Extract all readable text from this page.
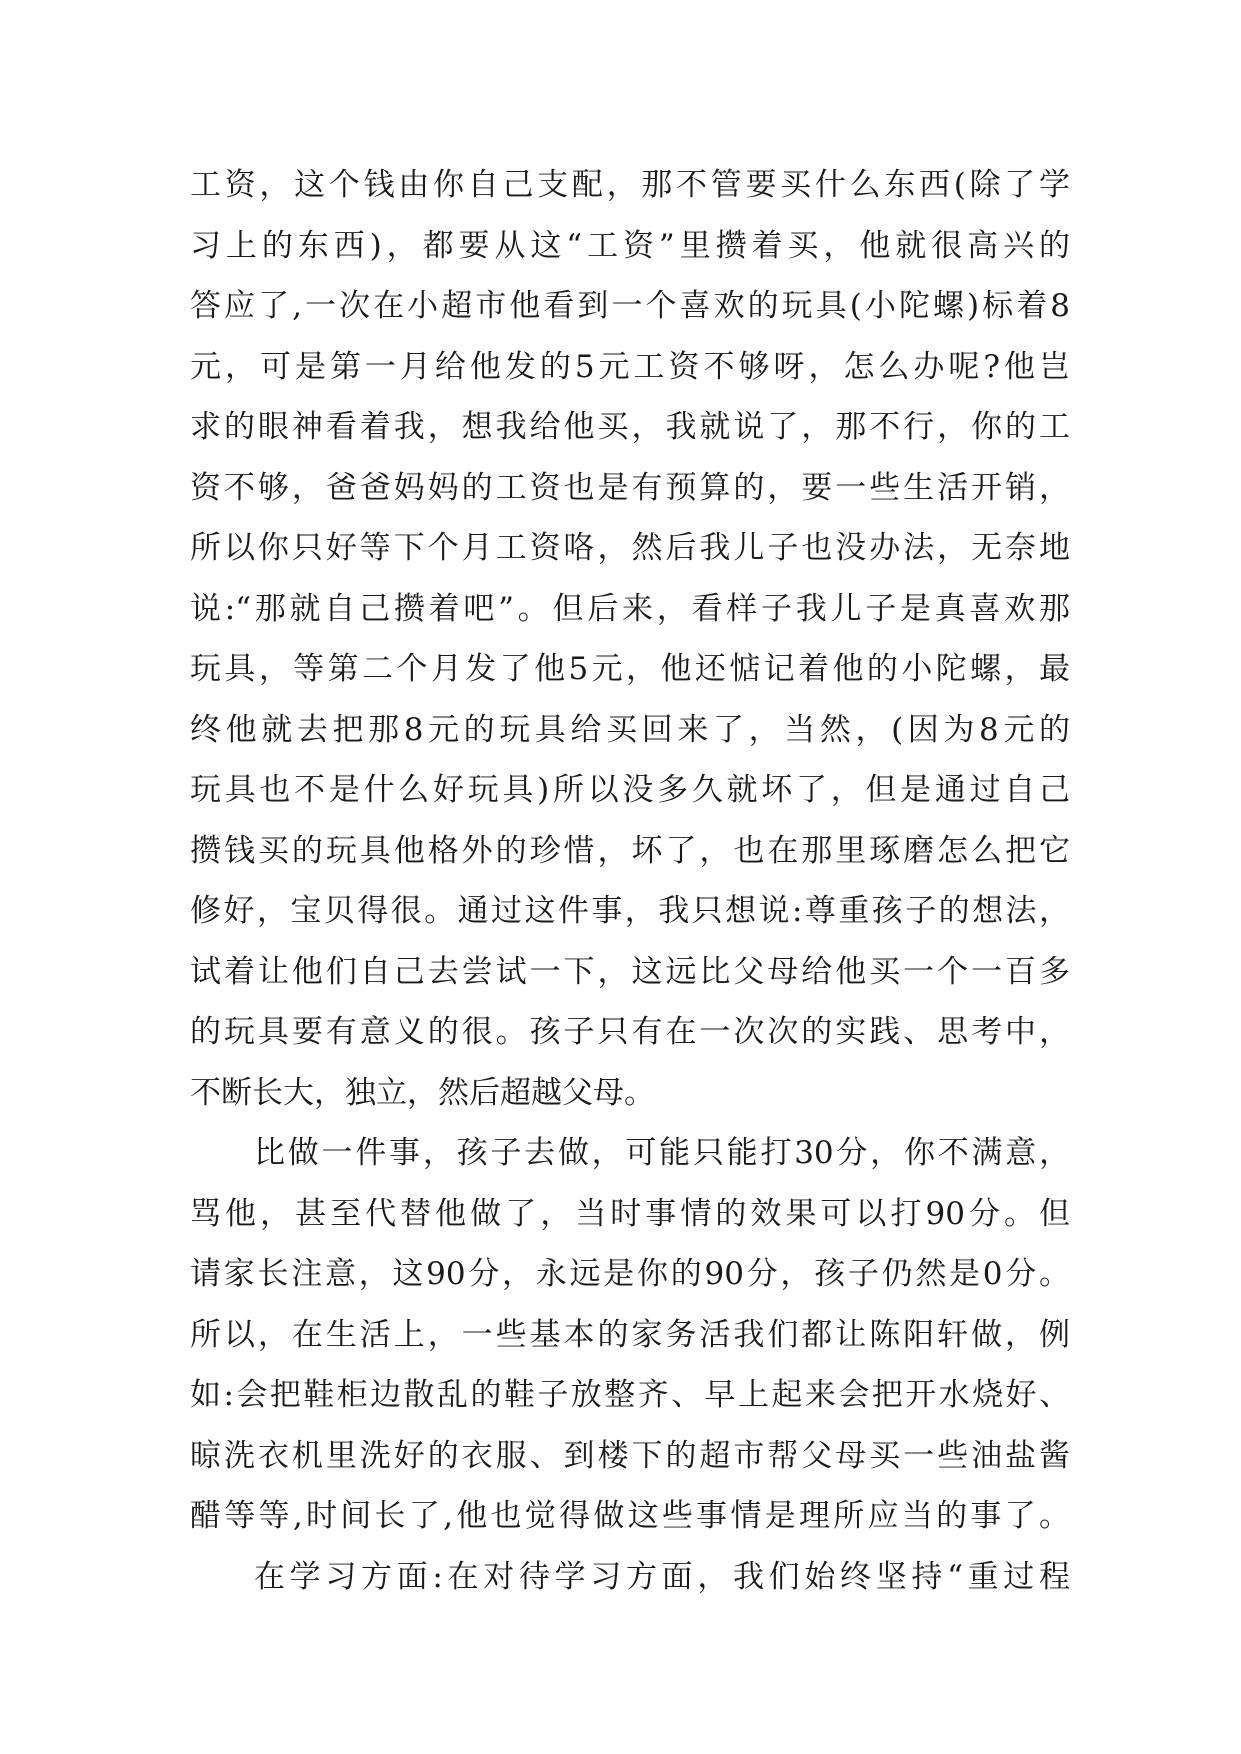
工资，这个钱由你自己支配，那不管要买什么东西(除了学
习上的东西)，都要从这“工资”里攒着买，他就很高兴的
答应了,一次在小超市他看到一个喜欢的玩具(小陀螺)标着8
元，可是第一月给他发的5元工资不够呀，怎么办呢?他岂
求的眼神看着我，想我给他买，我就说了，那不行，你的工
资不够，爸爸妈妈的工资也是有预算的，要一些生活开销，
所以你只好等下个月工资咯，然后我儿子也没办法，无奈地
说:“那就自己攒着吧”。但后来，看样子我儿子是真喜欢那
玩具，等第二个月发了他5元，他还惦记着他的小陀螺，最
终他就去把那8元的玩具给买回来了，当然，(因为8元的
玩具也不是什么好玩具)所以没多久就坏了，但是通过自己
攒钱买的玩具他格外的珍惜，坏了，也在那里琢磨怎么把它
修好，宝贝得很。通过这件事，我只想说:尊重孩子的想法，
试着让他们自己去尝试一下，这远比父母给他买一个一百多
的玩具要有意义的很。孩子只有在一次次的实践、思考中，
不断长大，独立，然后超越父母。
比做一件事，孩子去做，可能只能打30分，你不满意，
骂他，甚至代替他做了，当时事情的效果可以打90分。但
请家长注意，这90分，永远是你的90分，孩子仍然是0分。
所以，在生活上，一些基本的家务活我们都让陈阳轩做，例
如:会把鞋柜边散乱的鞋子放整齐、早上起来会把开水烧好、
晾洗衣机里洗好的衣服、到楼下的超市帮父母买一些油盐酱
醋等等,时间长了,他也觉得做这些事情是理所应当的事了。
在学习方面:在对待学习方面，我们始终坚持“重过程
